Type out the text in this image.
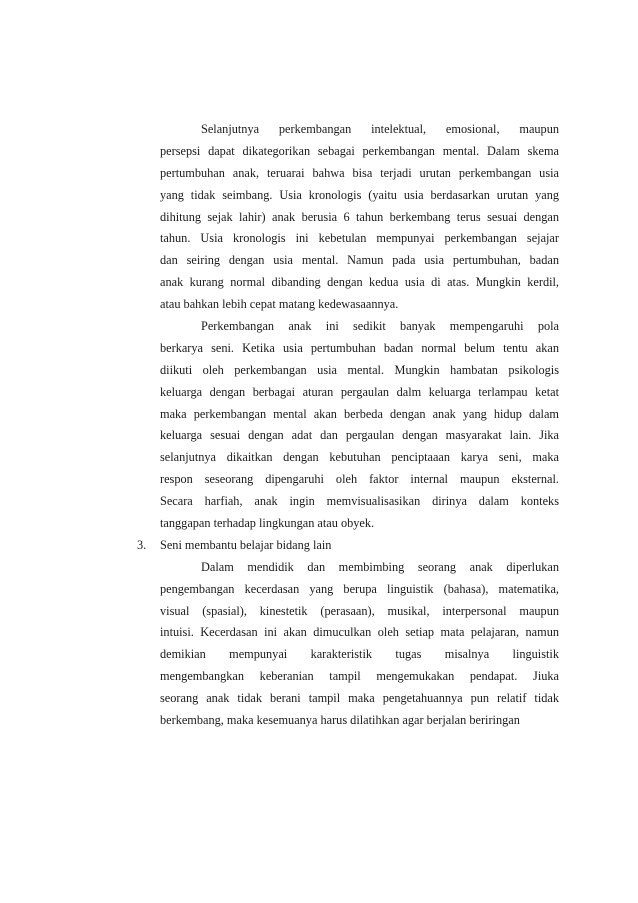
Selanjutnya perkembangan intelektual, emosional, maupun
persepsi dapat dikategorikan sebagai perkembangan mental. Dalam skema
pertumbuhan anak, teruarai bahwa bisa terjadi urutan perkembangan usia
yang tidak seimbang. Usia kronologis (yaitu usia berdasarkan urutan yang
dihitung sejak lahir) anak berusia 6 tahun berkembang terus sesuai dengan
tahun. Usia kronologis ini kebetulan mempunyai perkembangan sejajar
dan seiring dengan usia mental. Namun pada usia pertumbuhan, badan
anak kurang normal dibanding dengan kedua usia di atas. Mungkin kerdil,
atau bahkan lebih cepat matang kedewasaannya.

Perkembangan anak ini sedikit banyak mempengaruhi pola
berkarya seni. Ketika usia pertumbuhan badan normal belum tentu akan
diikuti oleh perkembangan usia mental. Mungkin hambatan psikologis
keluarga dengan berbagai aturan pergaulan dalm keluarga terlampau ketat
maka perkembangan mental akan berbeda dengan anak yang hidup dalam
keluarga sesuai dengan adat dan pergaulan dengan masyarakat lain. Jika
selanjutnya dikaitkan dengan kebutuhan penciptaaan karya seni, maka
respon seseorang dipengaruhi oleh faktor internal maupun eksternal.
Secara harfiah, anak ingin memvisualisasikan dirinya dalam konteks
tanggapan terhadap lingkungan atau obyek.

3. Seni membantu belajar bidang lain

Dalam mendidik dan membimbing seorang anak diperlukan
pengembangan kecerdasan yang berupa linguistik (bahasa), matematika,
visual (spasial), kinestetik (perasaan), musikal, interpersonal maupun
intuisi. Kecerdasan ini akan dimuculkan oleh setiap mata pelajaran, namun
demikian mempunyai karakteristik tugas misalnya linguistik
mengembangkan keberanian tampil mengemukakan pendapat. Jiuka
seorang anak tidak berani tampil maka pengetahuannya pun relatif tidak
berkembang, maka kesemuanya harus dilatihkan agar berjalan beriringan
